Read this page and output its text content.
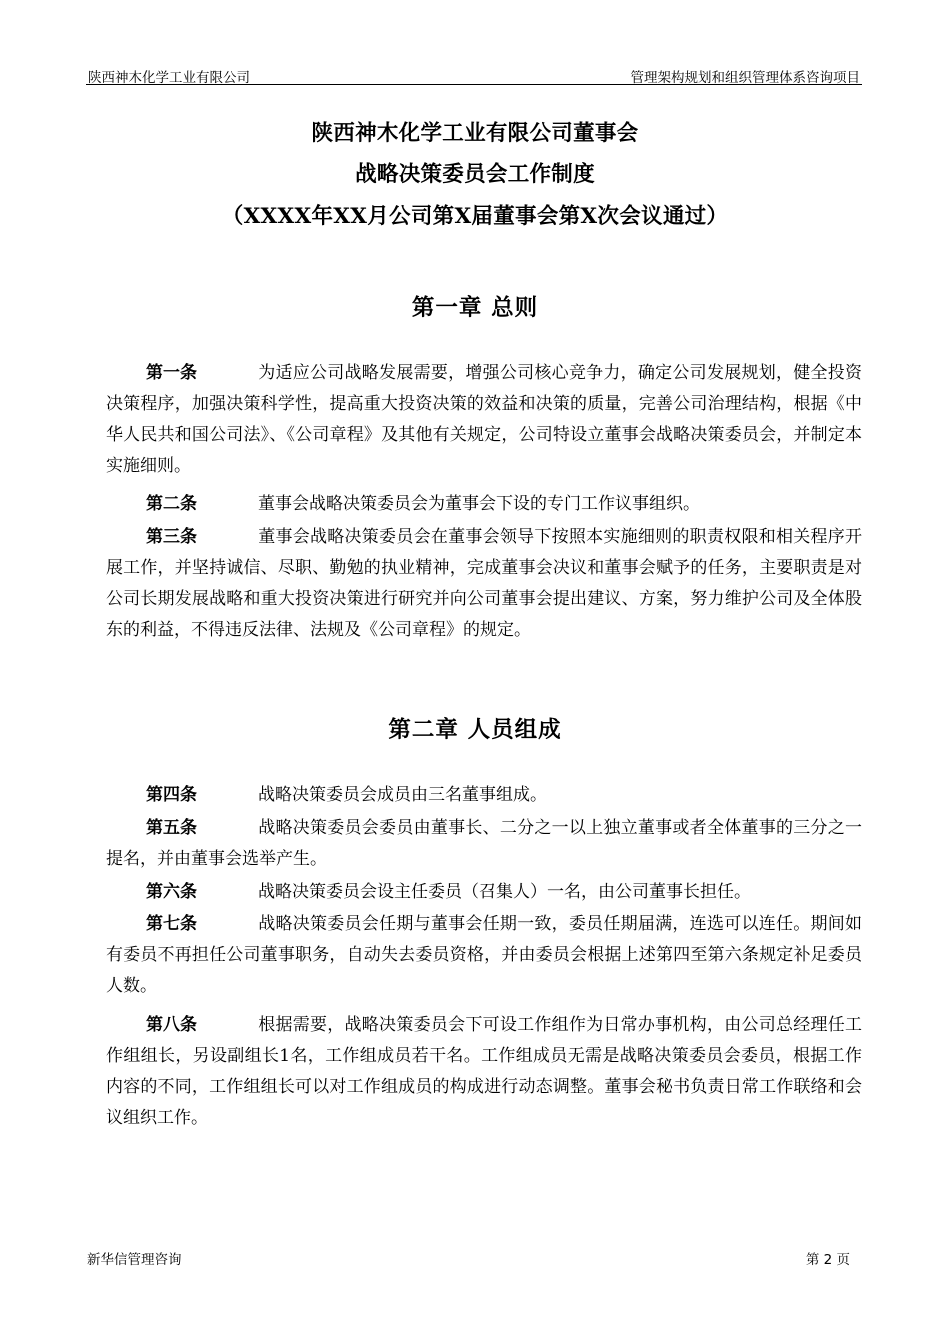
陕西神木化学工业有限公司	管理架构规划和组织管理体系咨询项目
陕西神木化学工业有限公司董事会
战略决策委员会工作制度
（XXXX年XX月公司第X届董事会第X次会议通过）
第一章 总则
第一条	为适应公司战略发展需要，增强公司核心竞争力，确定公司发展规划，健全投资决策程序，加强决策科学性，提高重大投资决策的效益和决策的质量，完善公司治理结构，根据《中华人民共和国公司法》、《公司章程》及其他有关规定，公司特设立董事会战略决策委员会，并制定本实施细则。
第二条	董事会战略决策委员会为董事会下设的专门工作议事组织。
第三条	董事会战略决策委员会在董事会领导下按照本实施细则的职责权限和相关程序开展工作，并坚持诚信、尽职、勤勉的执业精神，完成董事会决议和董事会赋予的任务，主要职责是对公司长期发展战略和重大投资决策进行研究并向公司董事会提出建议、方案，努力维护公司及全体股东的利益，不得违反法律、法规及《公司章程》的规定。
第二章 人员组成
第四条	战略决策委员会成员由三名董事组成。
第五条	战略决策委员会委员由董事长、二分之一以上独立董事或者全体董事的三分之一提名，并由董事会选举产生。
第六条	战略决策委员会设主任委员（召集人）一名，由公司董事长担任。
第七条	战略决策委员会任期与董事会任期一致，委员任期届满，连选可以连任。期间如有委员不再担任公司董事职务，自动失去委员资格，并由委员会根据上述第四至第六条规定补足委员人数。
第八条	根据需要，战略决策委员会下可设工作组作为日常办事机构，由公司总经理任工作组组长，另设副组长1名，工作组成员若干名。工作组成员无需是战略决策委员会委员，根据工作内容的不同，工作组组长可以对工作组成员的构成进行动态调整。董事会秘书负责日常工作联络和会议组织工作。
新华信管理咨询	第 2 页
